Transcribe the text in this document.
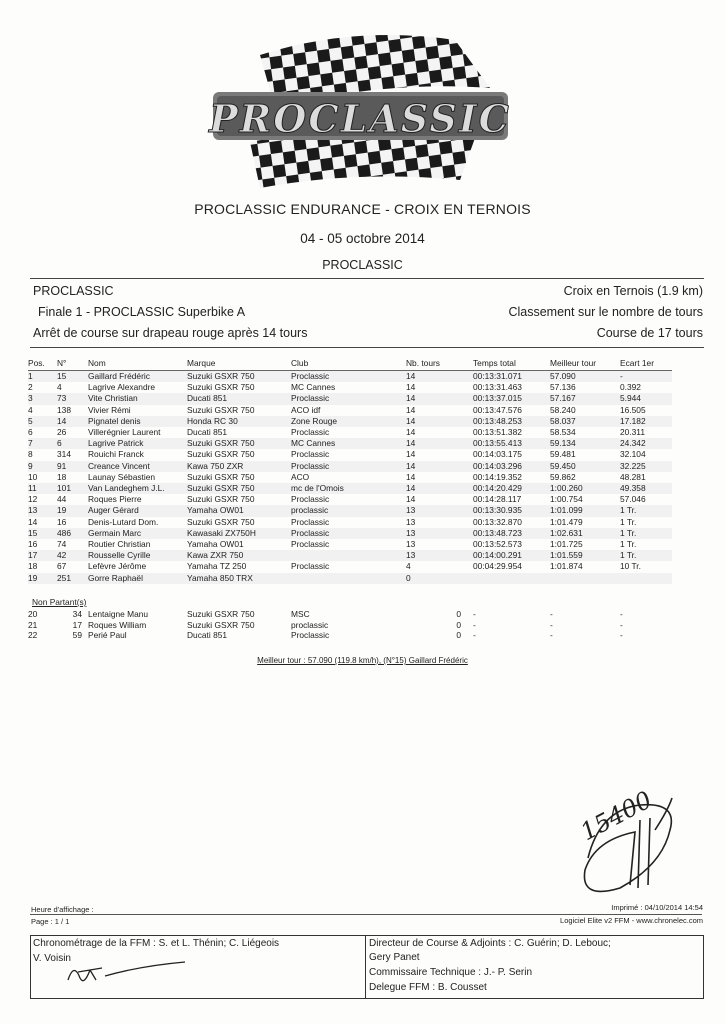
PROCLASSIC
PROCLASSIC ENDURANCE - CROIX EN TERNOIS
04 - 05 octobre 2014
PROCLASSIC
PROCLASSIC	Croix en Ternois (1.9 km)
Finale 1 - PROCLASSIC Superbike A	Classement sur le nombre de tours
Arrêt de course sur drapeau rouge après 14 tours	Course de 17 tours
Pos.	N°	Nom	Marque	Club	Nb. tours	Temps total	Meilleur tour	Ecart 1er
1	15	Gaillard Frédéric	Suzuki GSXR 750	Proclassic	14	00:13:31.071	57.090	-
2	4	Lagrive Alexandre	Suzuki GSXR 750	MC Cannes	14	00:13:31.463	57.136	0.392
3	73	Vite Christian	Ducati 851	Proclassic	14	00:13:37.015	57.167	5.944
4	138	Vivier Rémi	Suzuki GSXR 750	ACO idf	14	00:13:47.576	58.240	16.505
5	14	Pignatel denis	Honda RC 30	Zone Rouge	14	00:13:48.253	58.037	17.182
6	26	Villerégnier Laurent	Ducati 851	Proclassic	14	00:13:51.382	58.534	20.311
7	6	Lagrive Patrick	Suzuki GSXR 750	MC Cannes	14	00:13:55.413	59.134	24.342
8	314	Rouichi Franck	Suzuki GSXR 750	Proclassic	14	00:14:03.175	59.481	32.104
9	91	Creance Vincent	Kawa 750 ZXR	Proclassic	14	00:14:03.296	59.450	32.225
10	18	Launay Sébastien	Suzuki GSXR 750	ACO	14	00:14:19.352	59.862	48.281
11	101	Van Landeghem J.L.	Suzuki GSXR 750	mc de l'Omois	14	00:14:20.429	1:00.260	49.358
12	44	Roques Pierre	Suzuki GSXR 750	Proclassic	14	00:14:28.117	1:00.754	57.046
13	19	Auger Gérard	Yamaha OW01	proclassic	13	00:13:30.935	1:01.099	1 Tr.
14	16	Denis-Lutard Dom.	Suzuki GSXR 750	Proclassic	13	00:13:32.870	1:01.479	1 Tr.
15	486	Germain Marc	Kawasaki ZX750H	Proclassic	13	00:13:48.723	1:02.631	1 Tr.
16	74	Routier Christian	Yamaha OW01	Proclassic	13	00:13:52.573	1:01.725	1 Tr.
17	42	Rousselle Cyrille	Kawa ZXR 750		13	00:14:00.291	1:01.559	1 Tr.
18	67	Lefèvre Jérôme	Yamaha TZ 250	Proclassic	4	00:04:29.954	1:01.874	10 Tr.
19	251	Gorre Raphaël	Yamaha 850 TRX		0			
Non Partant(s)
20	34	Lentaigne Manu	Suzuki GSXR 750	MSC	0	-	-	-
21	17	Roques William	Suzuki GSXR 750	proclassic	0	-	-	-
22	59	Perié Paul	Ducati 851	Proclassic	0	-	-	-
Meilleur tour : 57.090 (119.8 km/h), (N°15) Gaillard Frédéric
15400
Heure d'affichage :	Imprimé : 04/10/2014 14:54
Page : 1 / 1	Logiciel Elite v2 FFM - www.chronelec.com
Chronométrage de la FFM : S. et L. Thénin; C. Liégeois
V. Voisin
Directeur de Course & Adjoints : C. Guérin; D. Lebouc;
Gery Panet
Commissaire Technique : J.- P. Serin
Delegue FFM : B. Cousset
